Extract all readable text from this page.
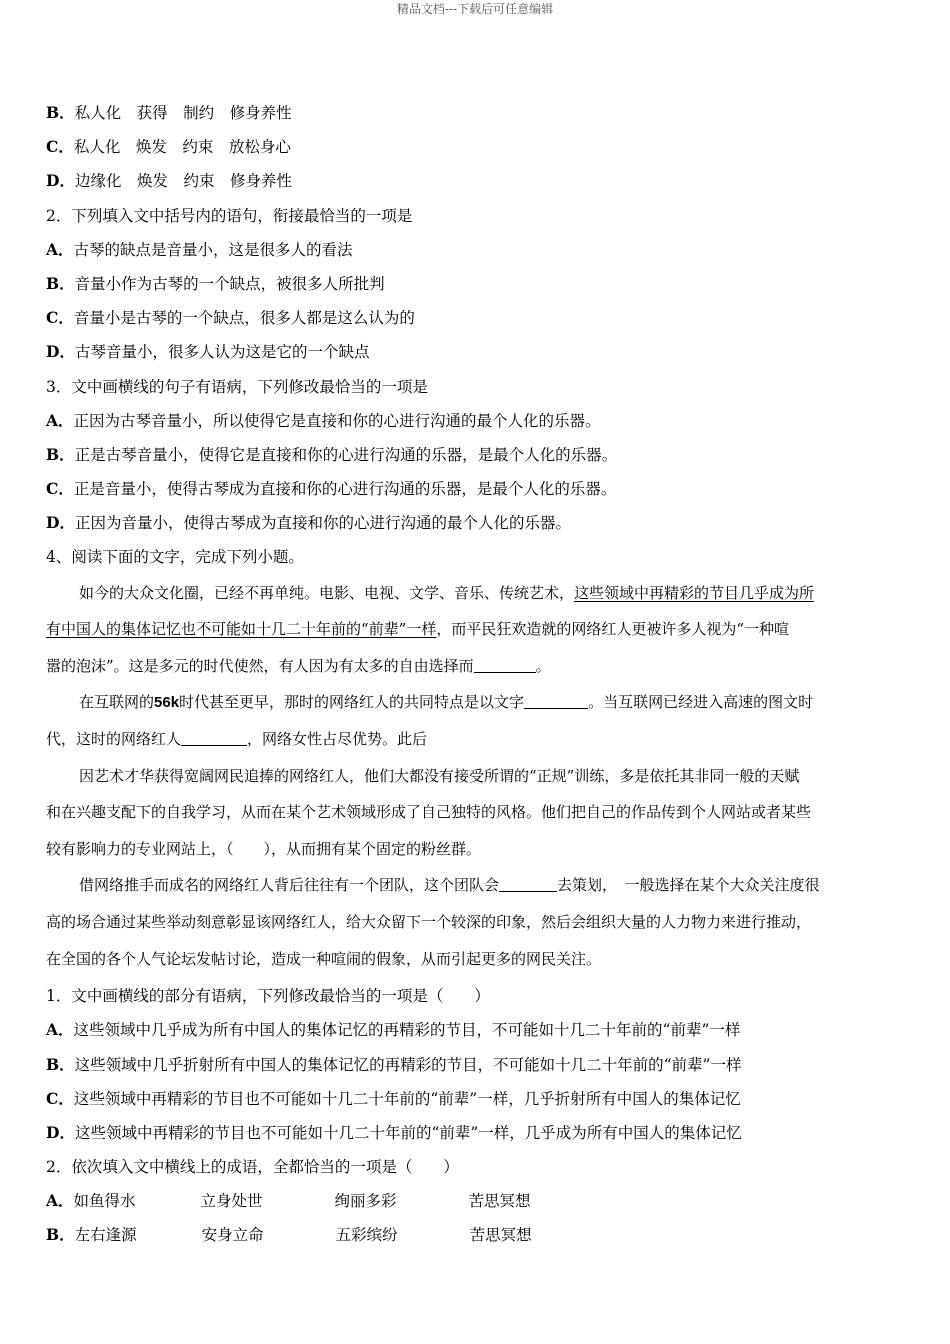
精品文档---下载后可任意编辑
B．私人化　获得　制约　修身养性
C．私人化　焕发　约束　放松身心
D．边缘化　焕发　约束　修身养性
2．下列填入文中括号内的语句，衔接最恰当的一项是
A．古琴的缺点是音量小，这是很多人的看法
B．音量小作为古琴的一个缺点，被很多人所批判
C．音量小是古琴的一个缺点，很多人都是这么认为的
D．古琴音量小，很多人认为这是它的一个缺点
3．文中画横线的句子有语病，下列修改最恰当的一项是
A．正因为古琴音量小，所以使得它是直接和你的心进行沟通的最个人化的乐器。
B．正是古琴音量小，使得它是直接和你的心进行沟通的乐器，是最个人化的乐器。
C．正是音量小，使得古琴成为直接和你的心进行沟通的乐器，是最个人化的乐器。
D．正因为音量小，使得古琴成为直接和你的心进行沟通的最个人化的乐器。
4、阅读下面的文字，完成下列小题。
如今的大众文化圈，已经不再单纯。电影、电视、文学、音乐、传统艺术，这些领域中再精彩的节目几乎成为所
有中国人的集体记忆也不可能如十几二十年前的“前辈”一样，而平民狂欢造就的网络红人更被许多人视为“一种喧
嚣的泡沫”。这是多元的时代使然，有人因为有太多的自由选择而	。
在互联网的56k时代甚至更早，那时的网络红人的共同特点是以文字	。当互联网已经进入高速的图文时
代，这时的网络红人	，网络女性占尽优势。此后
因艺术才华获得宽阔网民追捧的网络红人，他们大都没有接受所谓的“正规”训练，多是依托其非同一般的天赋
和在兴趣支配下的自我学习，从而在某个艺术领域形成了自己独特的风格。他们把自己的作品传到个人网站或者某些
较有影响力的专业网站上，（　　），从而拥有某个固定的粉丝群。
借网络推手而成名的网络红人背后往往有一个团队，这个团队会	去策划，　一般选择在某个大众关注度很
高的场合通过某些举动刻意彰显该网络红人，给大众留下一个较深的印象，然后会组织大量的人力物力来进行推动，
在全国的各个人气论坛发帖讨论，造成一种喧闹的假象，从而引起更多的网民关注。
1．文中画横线的部分有语病，下列修改最恰当的一项是（　　）
A．这些领域中几乎成为所有中国人的集体记忆的再精彩的节目，不可能如十几二十年前的“前辈”一样
B．这些领域中几乎折射所有中国人的集体记忆的再精彩的节目，不可能如十几二十年前的“前辈”一样
C．这些领域中再精彩的节目也不可能如十几二十年前的“前辈”一样，几乎折射所有中国人的集体记忆
D．这些领域中再精彩的节目也不可能如十几二十年前的“前辈”一样，几乎成为所有中国人的集体记忆
2．依次填入文中横线上的成语，全都恰当的一项是（　　）
A．如鱼得水	立身处世	绚丽多彩	苦思冥想
B．左右逢源	安身立命	五彩缤纷	苦思冥想
